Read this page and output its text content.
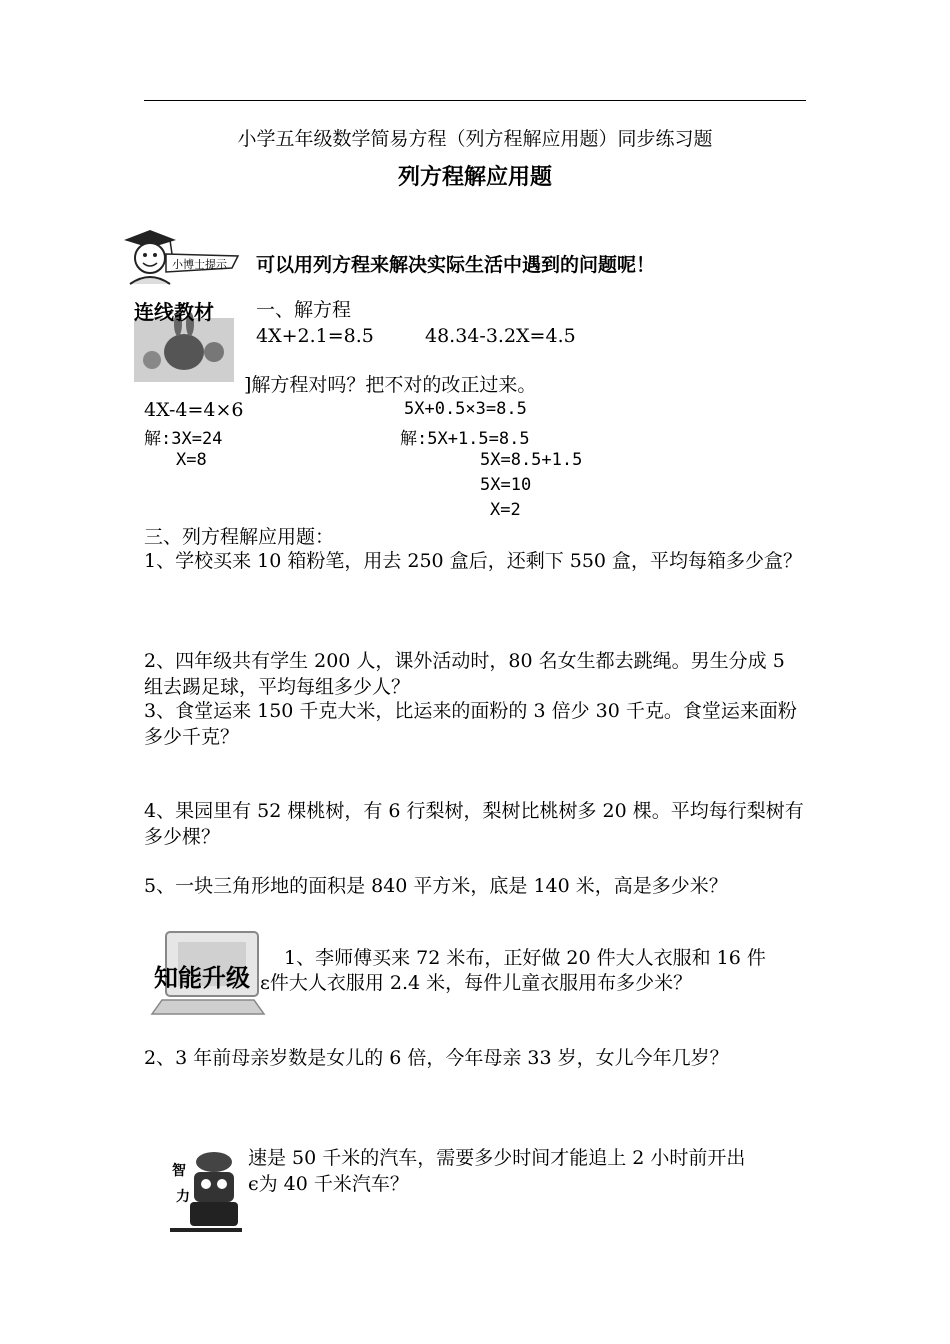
小学五年级数学简易方程（列方程解应用题）同步练习题
列方程解应用题
小博士提示 可以用列方程来解决实际生活中遇到的问题呢！
连线教材 一、解方程
4X+2.1=8.5	48.34-3.2X=4.5
]解方程对吗？把不对的改正过来。
4X-4=4×6
解:3X=24
X=8
5X+0.5×3=8.5
解:5X+1.5=8.5
5X=8.5+1.5
5X=10
X=2
三、列方程解应用题：
1、学校买来 10 箱粉笔，用去 250 盒后，还剩下 550 盒，平均每箱多少盒？
2、四年级共有学生 200 人，课外活动时，80 名女生都去跳绳。男生分成 5 组去踢足球，平均每组多少人？
3、食堂运来 150 千克大米，比运来的面粉的 3 倍少 30 千克。食堂运来面粉多少千克？
4、果园里有 52 棵桃树，有 6 行梨树，梨树比桃树多 20 棵。平均每行梨树有多少棵？
5、一块三角形地的面积是 840 平方米，底是 140 米，高是多少米？
知能升级
1、李师傅买来 72 米布，正好做 20 件大人衣服和 16 件
ɛ件大人衣服用 2.4 米，每件儿童衣服用布多少米？
2、3 年前母亲岁数是女儿的 6 倍，今年母亲 33 岁，女儿今年几岁？
智
力
速是 50 千米的汽车，需要多少时间才能追上 2 小时前开出
є为 40 千米汽车？
